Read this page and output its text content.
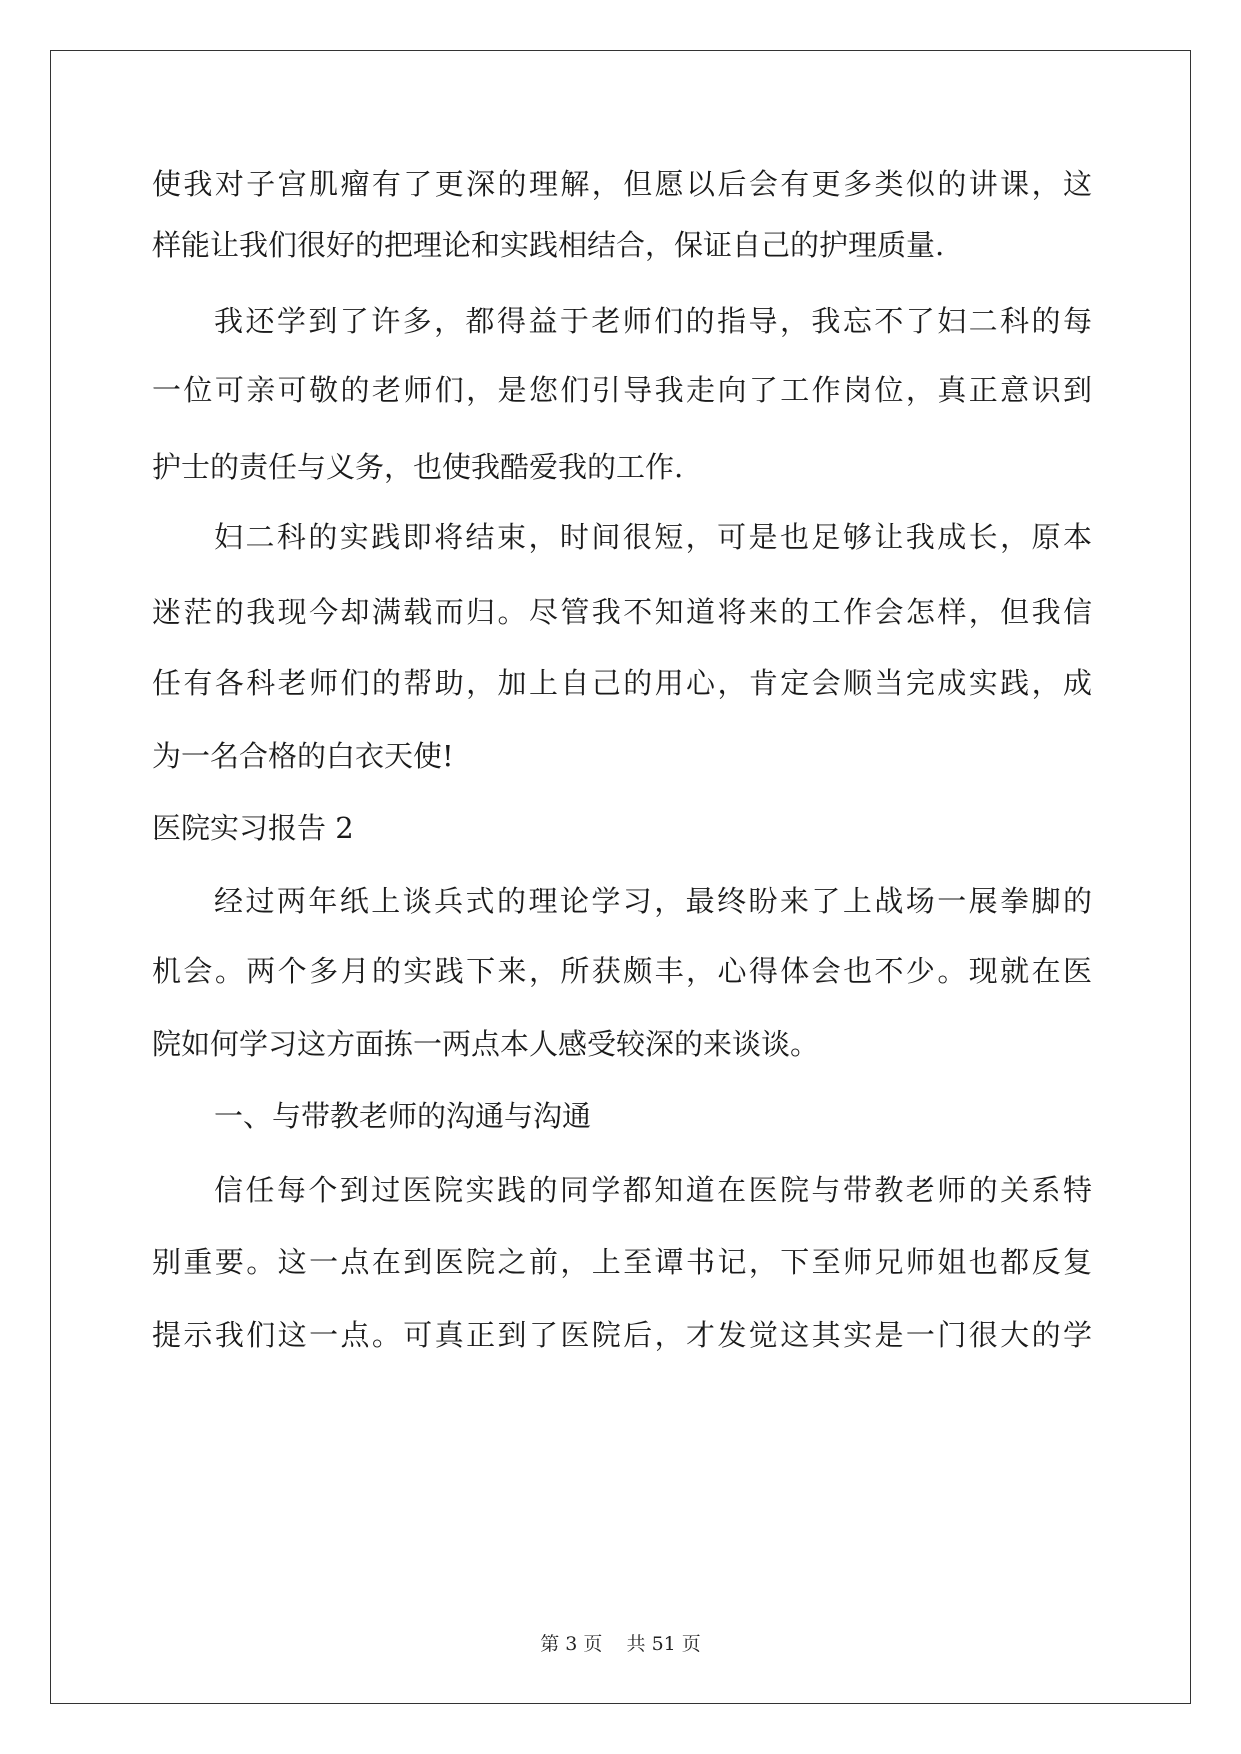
使我对子宫肌瘤有了更深的理解，但愿以后会有更多类似的讲课，这
样能让我们很好的把理论和实践相结合，保证自己的护理质量.
我还学到了许多，都得益于老师们的指导，我忘不了妇二科的每
一位可亲可敬的老师们，是您们引导我走向了工作岗位，真正意识到
护士的责任与义务，也使我酷爱我的工作.
妇二科的实践即将结束，时间很短，可是也足够让我成长，原本
迷茫的我现今却满载而归。尽管我不知道将来的工作会怎样，但我信
任有各科老师们的帮助，加上自己的用心，肯定会顺当完成实践，成
为一名合格的白衣天使!
医院实习报告 2
经过两年纸上谈兵式的理论学习，最终盼来了上战场一展拳脚的
机会。两个多月的实践下来，所获颇丰，心得体会也不少。现就在医
院如何学习这方面拣一两点本人感受较深的来谈谈。
一、与带教老师的沟通与沟通
信任每个到过医院实践的同学都知道在医院与带教老师的关系特
别重要。这一点在到医院之前，上至谭书记，下至师兄师姐也都反复
提示我们这一点。可真正到了医院后，才发觉这其实是一门很大的学
第 3 页 共 51 页
